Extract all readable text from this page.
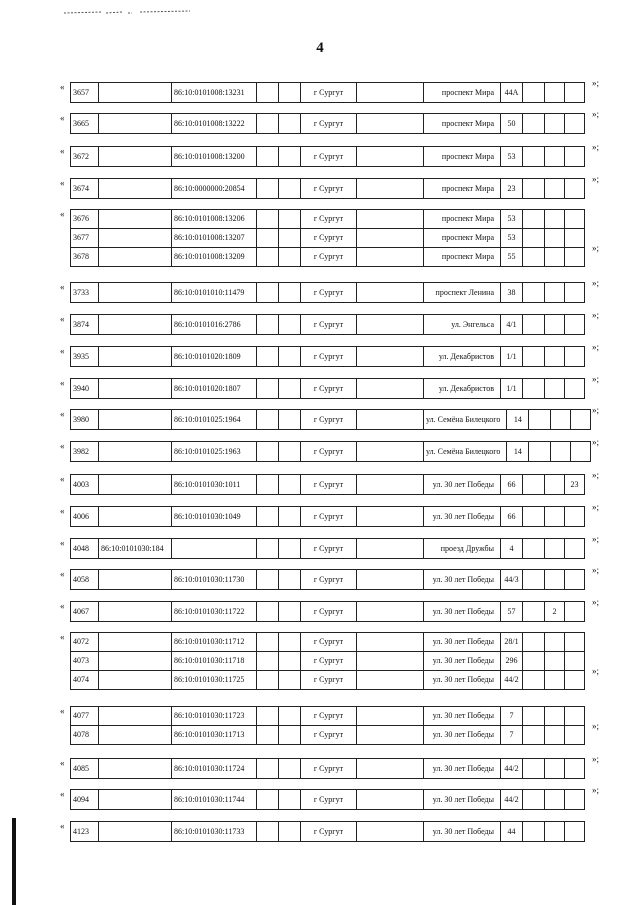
4
« 3657		86:10:0101008:13231			г Сургут		проспект Мира	44А			
»;
« 3665		86:10:0101008:13222			г Сургут		проспект Мира	50			
»;
« 3672		86:10:0101008:13200			г Сургут		проспект Мира	53			
»;
« 3674		86:10:0000000:20854			г Сургут		проспект Мира	23			
»;
« 3676		86:10:0101008:13206			г Сургут		проспект Мира	53			
3677		86:10:0101008:13207			г Сургут		проспект Мира	53			
3678		86:10:0101008:13209			г Сургут		проспект Мира	55			
»;
« 3733		86:10:0101010:11479			г Сургут		проспект Ленина	38			
»;
« 3874		86:10:0101016:2786			г Сургут		ул. Энгельса	4/1			
»;
« 3935		86:10:0101020:1809			г Сургут		ул. Декабристов	1/1			
»;
« 3940		86:10:0101020:1807			г Сургут		ул. Декабристов	1/1			
»;
« 3980		86:10:0101025:1964			г Сургут		ул. Семёна Билецкого	14			
»;
« 3982		86:10:0101025:1963			г Сургут		ул. Семёна Билецкого	14			
»;
« 4003		86:10:0101030:1011			г Сургут		ул. 30 лет Победы	66			23
»;
« 4006		86:10:0101030:1049			г Сургут		ул. 30 лет Победы	66			
»;
« 4048	86:10:0101030:184				г Сургут		проезд Дружбы	4			
»;
« 4058		86:10:0101030:11730			г Сургут		ул. 30 лет Победы	44/3			
»;
« 4067		86:10:0101030:11722			г Сургут		ул. 30 лет Победы	57		2	
»;
« 4072		86:10:0101030:11712			г Сургут		ул. 30 лет Победы	28/1			
4073		86:10:0101030:11718			г Сургут		ул. 30 лет Победы	296			
4074		86:10:0101030:11725			г Сургут		ул. 30 лет Победы	44/2			
»;
« 4077		86:10:0101030:11723			г Сургут		ул. 30 лет Победы	7			
4078		86:10:0101030:11713			г Сургут		ул. 30 лет Победы	7			
»;
« 4085		86:10:0101030:11724			г Сургут		ул. 30 лет Победы	44/2			
»;
« 4094		86:10:0101030:11744			г Сургут		ул. 30 лет Победы	44/2			
»;
« 4123		86:10:0101030:11733			г Сургут		ул. 30 лет Победы	44			
